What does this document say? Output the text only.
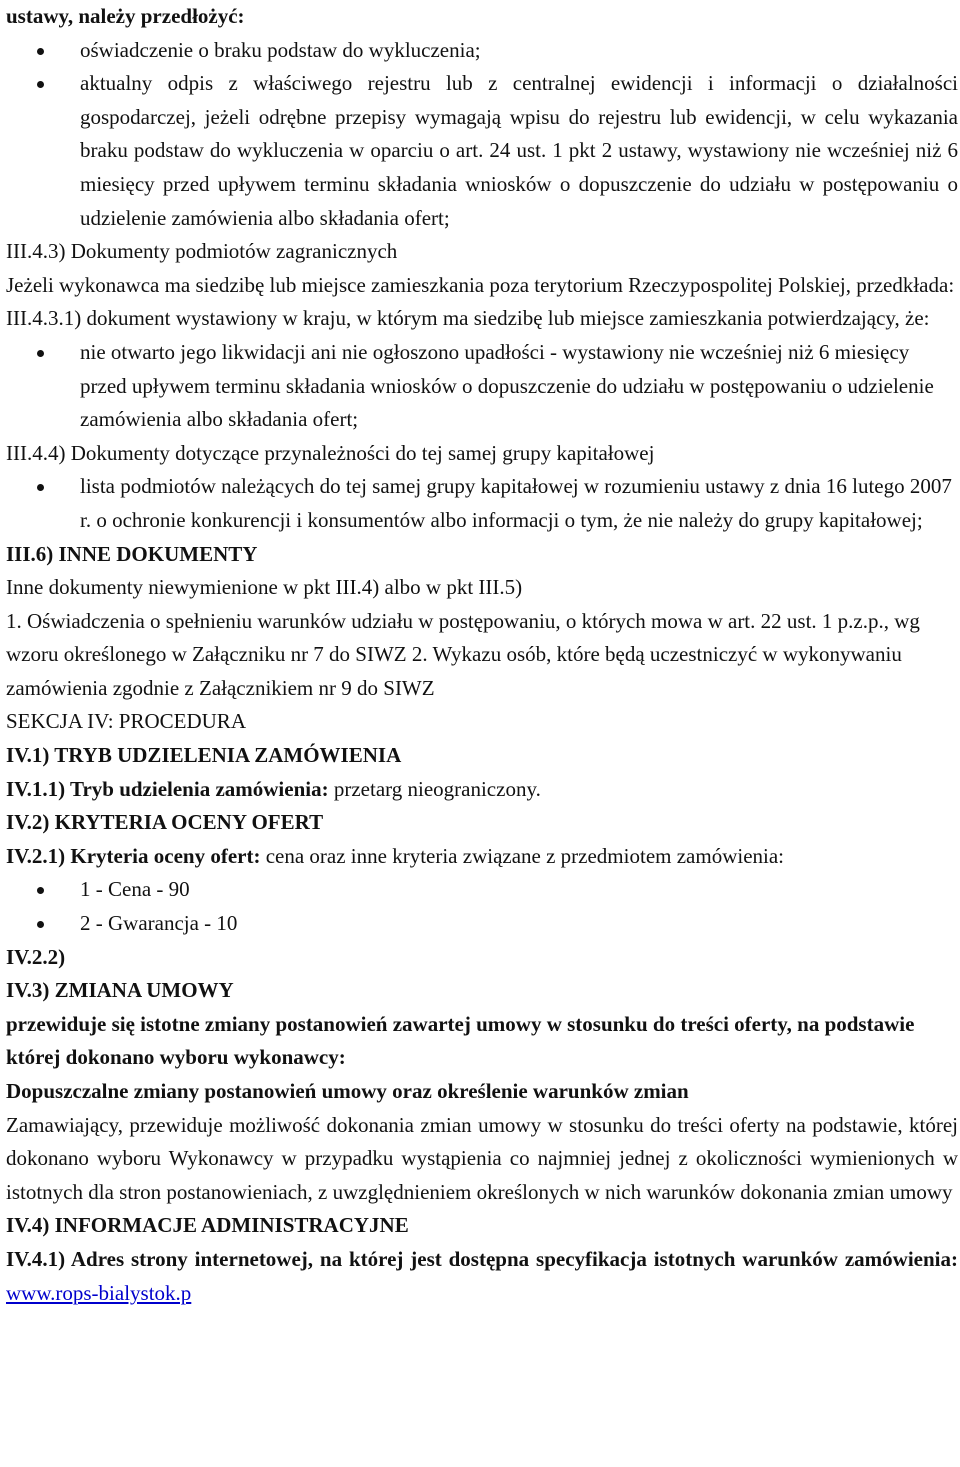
ustawy, należy przedłożyć:

oświadczenie o braku podstaw do wykluczenia;
aktualny odpis z właściwego rejestru lub z centralnej ewidencji i informacji o działalności gospodarczej, jeżeli odrębne przepisy wymagają wpisu do rejestru lub ewidencji, w celu wykazania braku podstaw do wykluczenia w oparciu o art. 24 ust. 1 pkt 2 ustawy, wystawiony nie wcześniej niż 6 miesięcy przed upływem terminu składania wniosków o dopuszczenie do udziału w postępowaniu o udzielenie zamówienia albo składania ofert;

III.4.3) Dokumenty podmiotów zagranicznych

Jeżeli wykonawca ma siedzibę lub miejsce zamieszkania poza terytorium Rzeczypospolitej Polskiej, przedkłada:

III.4.3.1) dokument wystawiony w kraju, w którym ma siedzibę lub miejsce zamieszkania potwierdzający, że:

nie otwarto jego likwidacji ani nie ogłoszono upadłości - wystawiony nie wcześniej niż 6 miesięcy przed upływem terminu składania wniosków o dopuszczenie do udziału w postępowaniu o udzielenie zamówienia albo składania ofert;

III.4.4) Dokumenty dotyczące przynależności do tej samej grupy kapitałowej

lista podmiotów należących do tej samej grupy kapitałowej w rozumieniu ustawy z dnia 16 lutego 2007 r. o ochronie konkurencji i konsumentów albo informacji o tym, że nie należy do grupy kapitałowej;

III.6) INNE DOKUMENTY

Inne dokumenty niewymienione w pkt III.4) albo w pkt III.5)

1. Oświadczenia o spełnieniu warunków udziału w postępowaniu, o których mowa w art. 22 ust. 1 p.z.p., wg wzoru określonego w Załączniku nr 7 do SIWZ 2. Wykazu osób, które będą uczestniczyć w wykonywaniu zamówienia zgodnie z Załącznikiem nr 9 do SIWZ

SEKCJA IV: PROCEDURA

IV.1) TRYB UDZIELENIA ZAMÓWIENIA

IV.1.1) Tryb udzielenia zamówienia: przetarg nieograniczony.

IV.2) KRYTERIA OCENY OFERT

IV.2.1) Kryteria oceny ofert: cena oraz inne kryteria związane z przedmiotem zamówienia:

1 - Cena - 90
2 - Gwarancja - 10

IV.2.2)

IV.3) ZMIANA UMOWY

przewiduje się istotne zmiany postanowień zawartej umowy w stosunku do treści oferty, na podstawie której dokonano wyboru wykonawcy:

Dopuszczalne zmiany postanowień umowy oraz określenie warunków zmian

Zamawiający, przewiduje możliwość dokonania zmian umowy w stosunku do treści oferty na podstawie, której dokonano wyboru Wykonawcy w przypadku wystąpienia co najmniej jednej z okoliczności wymienionych w istotnych dla stron postanowieniach, z uwzględnieniem określonych w nich warunków dokonania zmian umowy

IV.4) INFORMACJE ADMINISTRACYJNE

IV.4.1) Adres strony internetowej, na której jest dostępna specyfikacja istotnych warunków zamówienia: www.rops-bialystok.p
